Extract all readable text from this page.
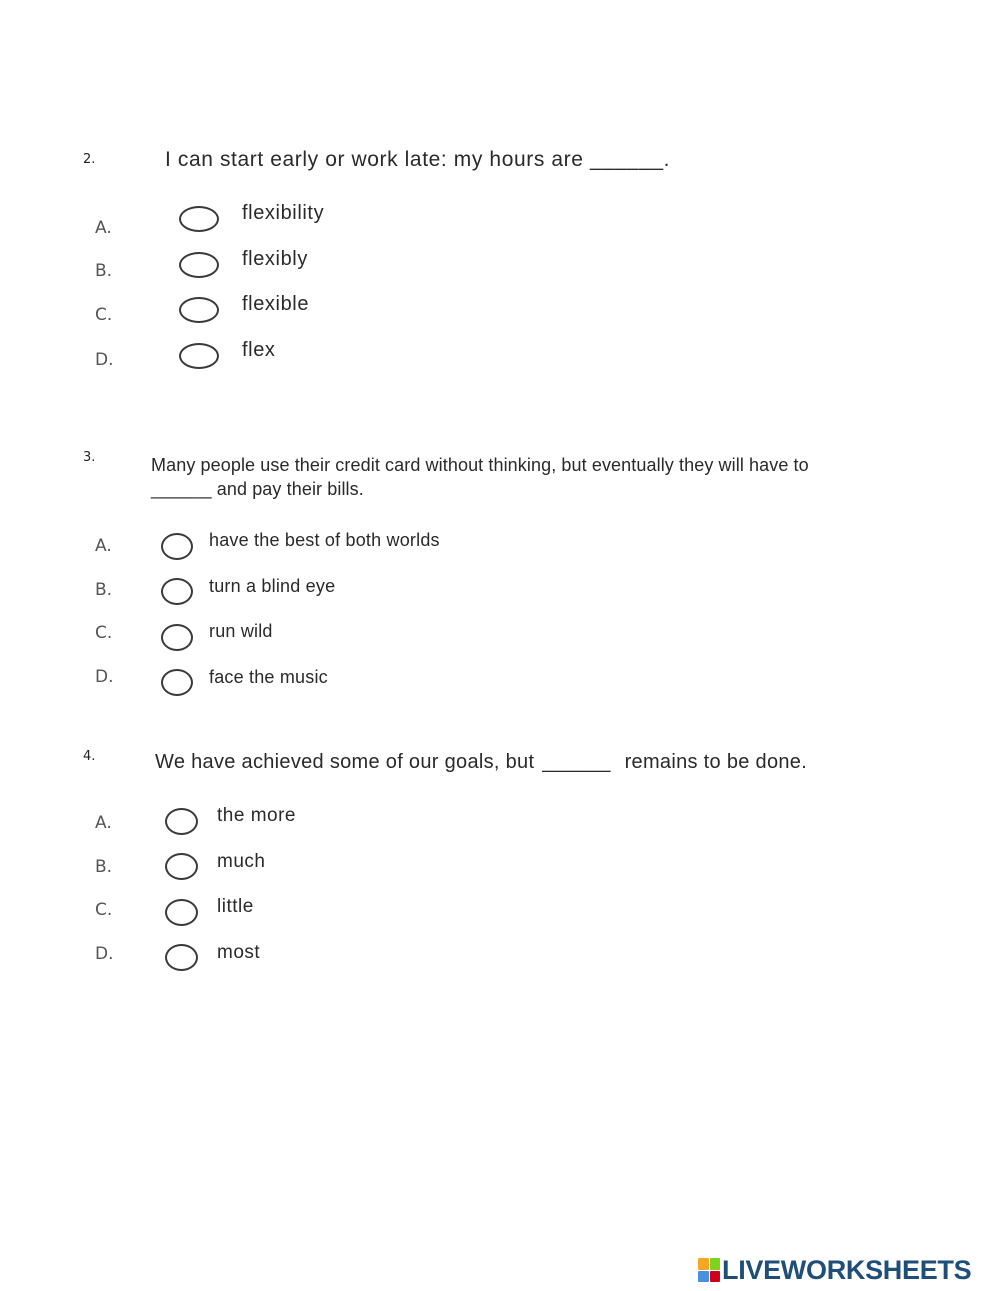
2.	I can start early or work late: my hours are ______.
A.
flexibility
B.
flexibly
C.	flexible
D.	flex
3.	Many people use their credit card without thinking, but eventually they will have to
______ and pay their bills.
A.	have the best of both worlds
B.	turn a blind eye
C.	run wild
D.	face the music
4.	We have achieved some of our goals, but ______ remains to be done.
A.	the more
B.	much
C.	little
D.	most
LIVEWORKSHEETS
